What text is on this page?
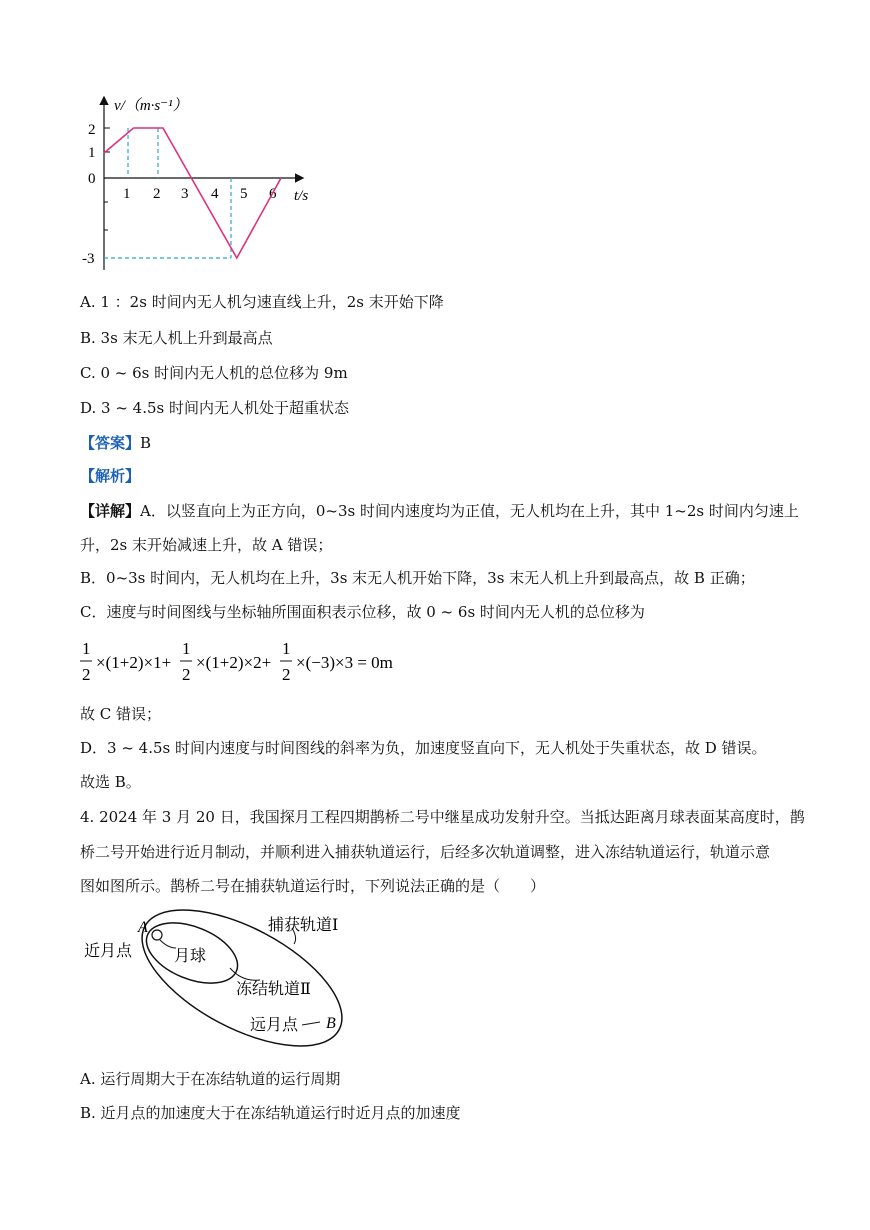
v/（m·s⁻¹）
t/s
2
1
0
-3
1 2 3 4 5 6
A. 1 ：2s 时间内无人机匀速直线上升，2s 末开始下降
B. 3s 末无人机上升到最高点
C. 0 ~ 6s 时间内无人机的总位移为 9m
D. 3 ~ 4.5s 时间内无人机处于超重状态
【答案】B
【解析】
【详解】A．以竖直向上为正方向，0~3s 时间内速度均为正值，无人机均在上升，其中 1~2s 时间内匀速上
升，2s 末开始减速上升，故 A 错误；
B．0~3s 时间内，无人机均在上升，3s 末无人机开始下降，3s 末无人机上升到最高点，故 B 正确；
C．速度与时间图线与坐标轴所围面积表示位移，故 0 ~ 6s 时间内无人机的总位移为
1
2
×(1+2)×1+
1
2
×(1+2)×2+
1
2
×(−3)×3 = 0m
故 C 错误；
D．3 ~ 4.5s 时间内速度与时间图线的斜率为负，加速度竖直向下，无人机处于失重状态，故 D 错误。
故选 B。
4. 2024 年 3 月 20 日，我国探月工程四期鹊桥二号中继星成功发射升空。当抵达距离月球表面某高度时，鹊
桥二号开始进行近月制动，并顺利进入捕获轨道运行，后经多次轨道调整，进入冻结轨道运行，轨道示意
图如图所示。鹊桥二号在捕获轨道运行时，下列说法正确的是（　　）
A
近月点	月球
捕获轨道Ⅰ
冻结轨道Ⅱ
远月点 B
A. 运行周期大于在冻结轨道的运行周期
B. 近月点的加速度大于在冻结轨道运行时近月点的加速度
